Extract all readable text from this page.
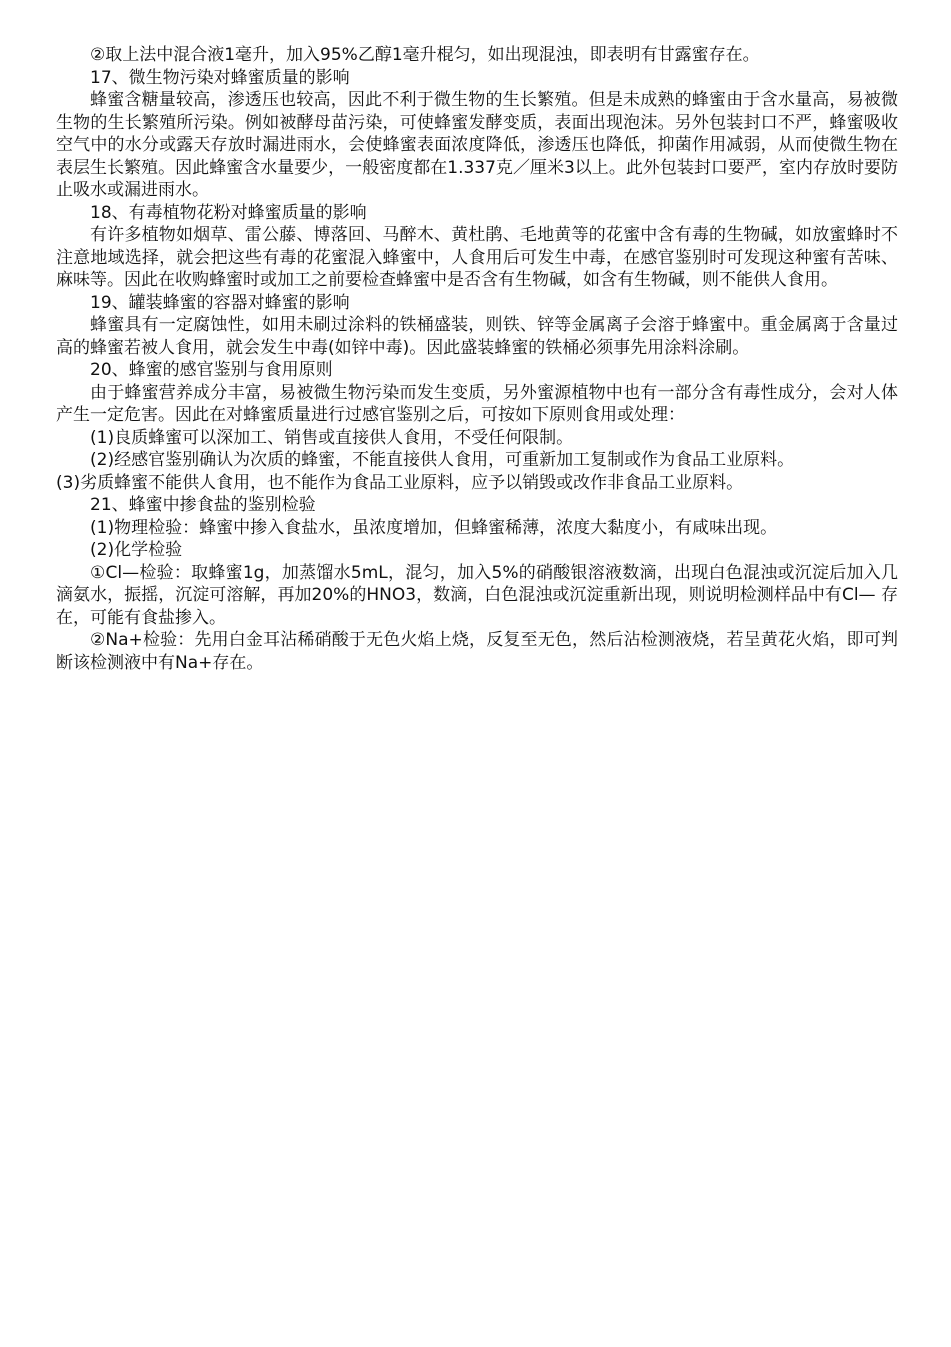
②取上法中混合液1毫升，加入95%乙醇1毫升棍匀，如出现混浊，即表明有甘露蜜存在。

17、微生物污染对蜂蜜质量的影响

蜂蜜含糖量较高，渗透压也较高，因此不利于微生物的生长繁殖。但是未成熟的蜂蜜由于含水量高，易被微生物的生长繁殖所污染。例如被酵母苗污染，可使蜂蜜发酵变质，表面出现泡沫。另外包装封口不严，蜂蜜吸收空气中的水分或露天存放时漏进雨水，会使蜂蜜表面浓度降低，渗透压也降低，抑菌作用减弱，从而使微生物在表层生长繁殖。因此蜂蜜含水量要少，一般密度都在1.337克／厘米3以上。此外包装封口要严，室内存放时要防止吸水或漏进雨水。

18、有毒植物花粉对蜂蜜质量的影响

有许多植物如烟草、雷公藤、博落回、马醉木、黄杜鹃、毛地黄等的花蜜中含有毒的生物碱，如放蜜蜂时不注意地域选择，就会把这些有毒的花蜜混入蜂蜜中，人食用后可发生中毒，在感官鉴别时可发现这种蜜有苦味、麻味等。因此在收购蜂蜜时或加工之前要检查蜂蜜中是否含有生物碱，如含有生物碱，则不能供人食用。

19、罐装蜂蜜的容器对蜂蜜的影响

蜂蜜具有一定腐蚀性，如用未刷过涂料的铁桶盛装，则铁、锌等金属离子会溶于蜂蜜中。重金属离于含量过高的蜂蜜若被人食用，就会发生中毒(如锌中毒)。因此盛装蜂蜜的铁桶必须事先用涂料涂刷。

20、蜂蜜的感官鉴别与食用原则

由于蜂蜜营养成分丰富，易被微生物污染而发生变质，另外蜜源植物中也有一部分含有毒性成分，会对人体产生一定危害。因此在对蜂蜜质量进行过感官鉴别之后，可按如下原则食用或处理：

(1)良质蜂蜜可以深加工、销售或直接供人食用，不受任何限制。

(2)经感官鉴别确认为次质的蜂蜜，不能直接供人食用，可重新加工复制或作为食品工业原料。

(3)劣质蜂蜜不能供人食用，也不能作为食品工业原料，应予以销毁或改作非食品工业原料。

21、蜂蜜中掺食盐的鉴别检验

(1)物理检验：蜂蜜中掺入食盐水，虽浓度增加，但蜂蜜稀薄，浓度大黏度小，有咸味出现。

(2)化学检验

①Cl—检验：取蜂蜜1g，加蒸馏水5mL，混匀，加入5%的硝酸银溶液数滴，出现白色混浊或沉淀后加入几滴氨水，振摇，沉淀可溶解，再加20%的HNO3，数滴，白色混浊或沉淀重新出现，则说明检测样品中有Cl— 存在，可能有食盐掺入。

②Na+检验：先用白金耳沾稀硝酸于无色火焰上烧，反复至无色，然后沾检测液烧，若呈黄花火焰，即可判断该检测液中有Na+存在。
